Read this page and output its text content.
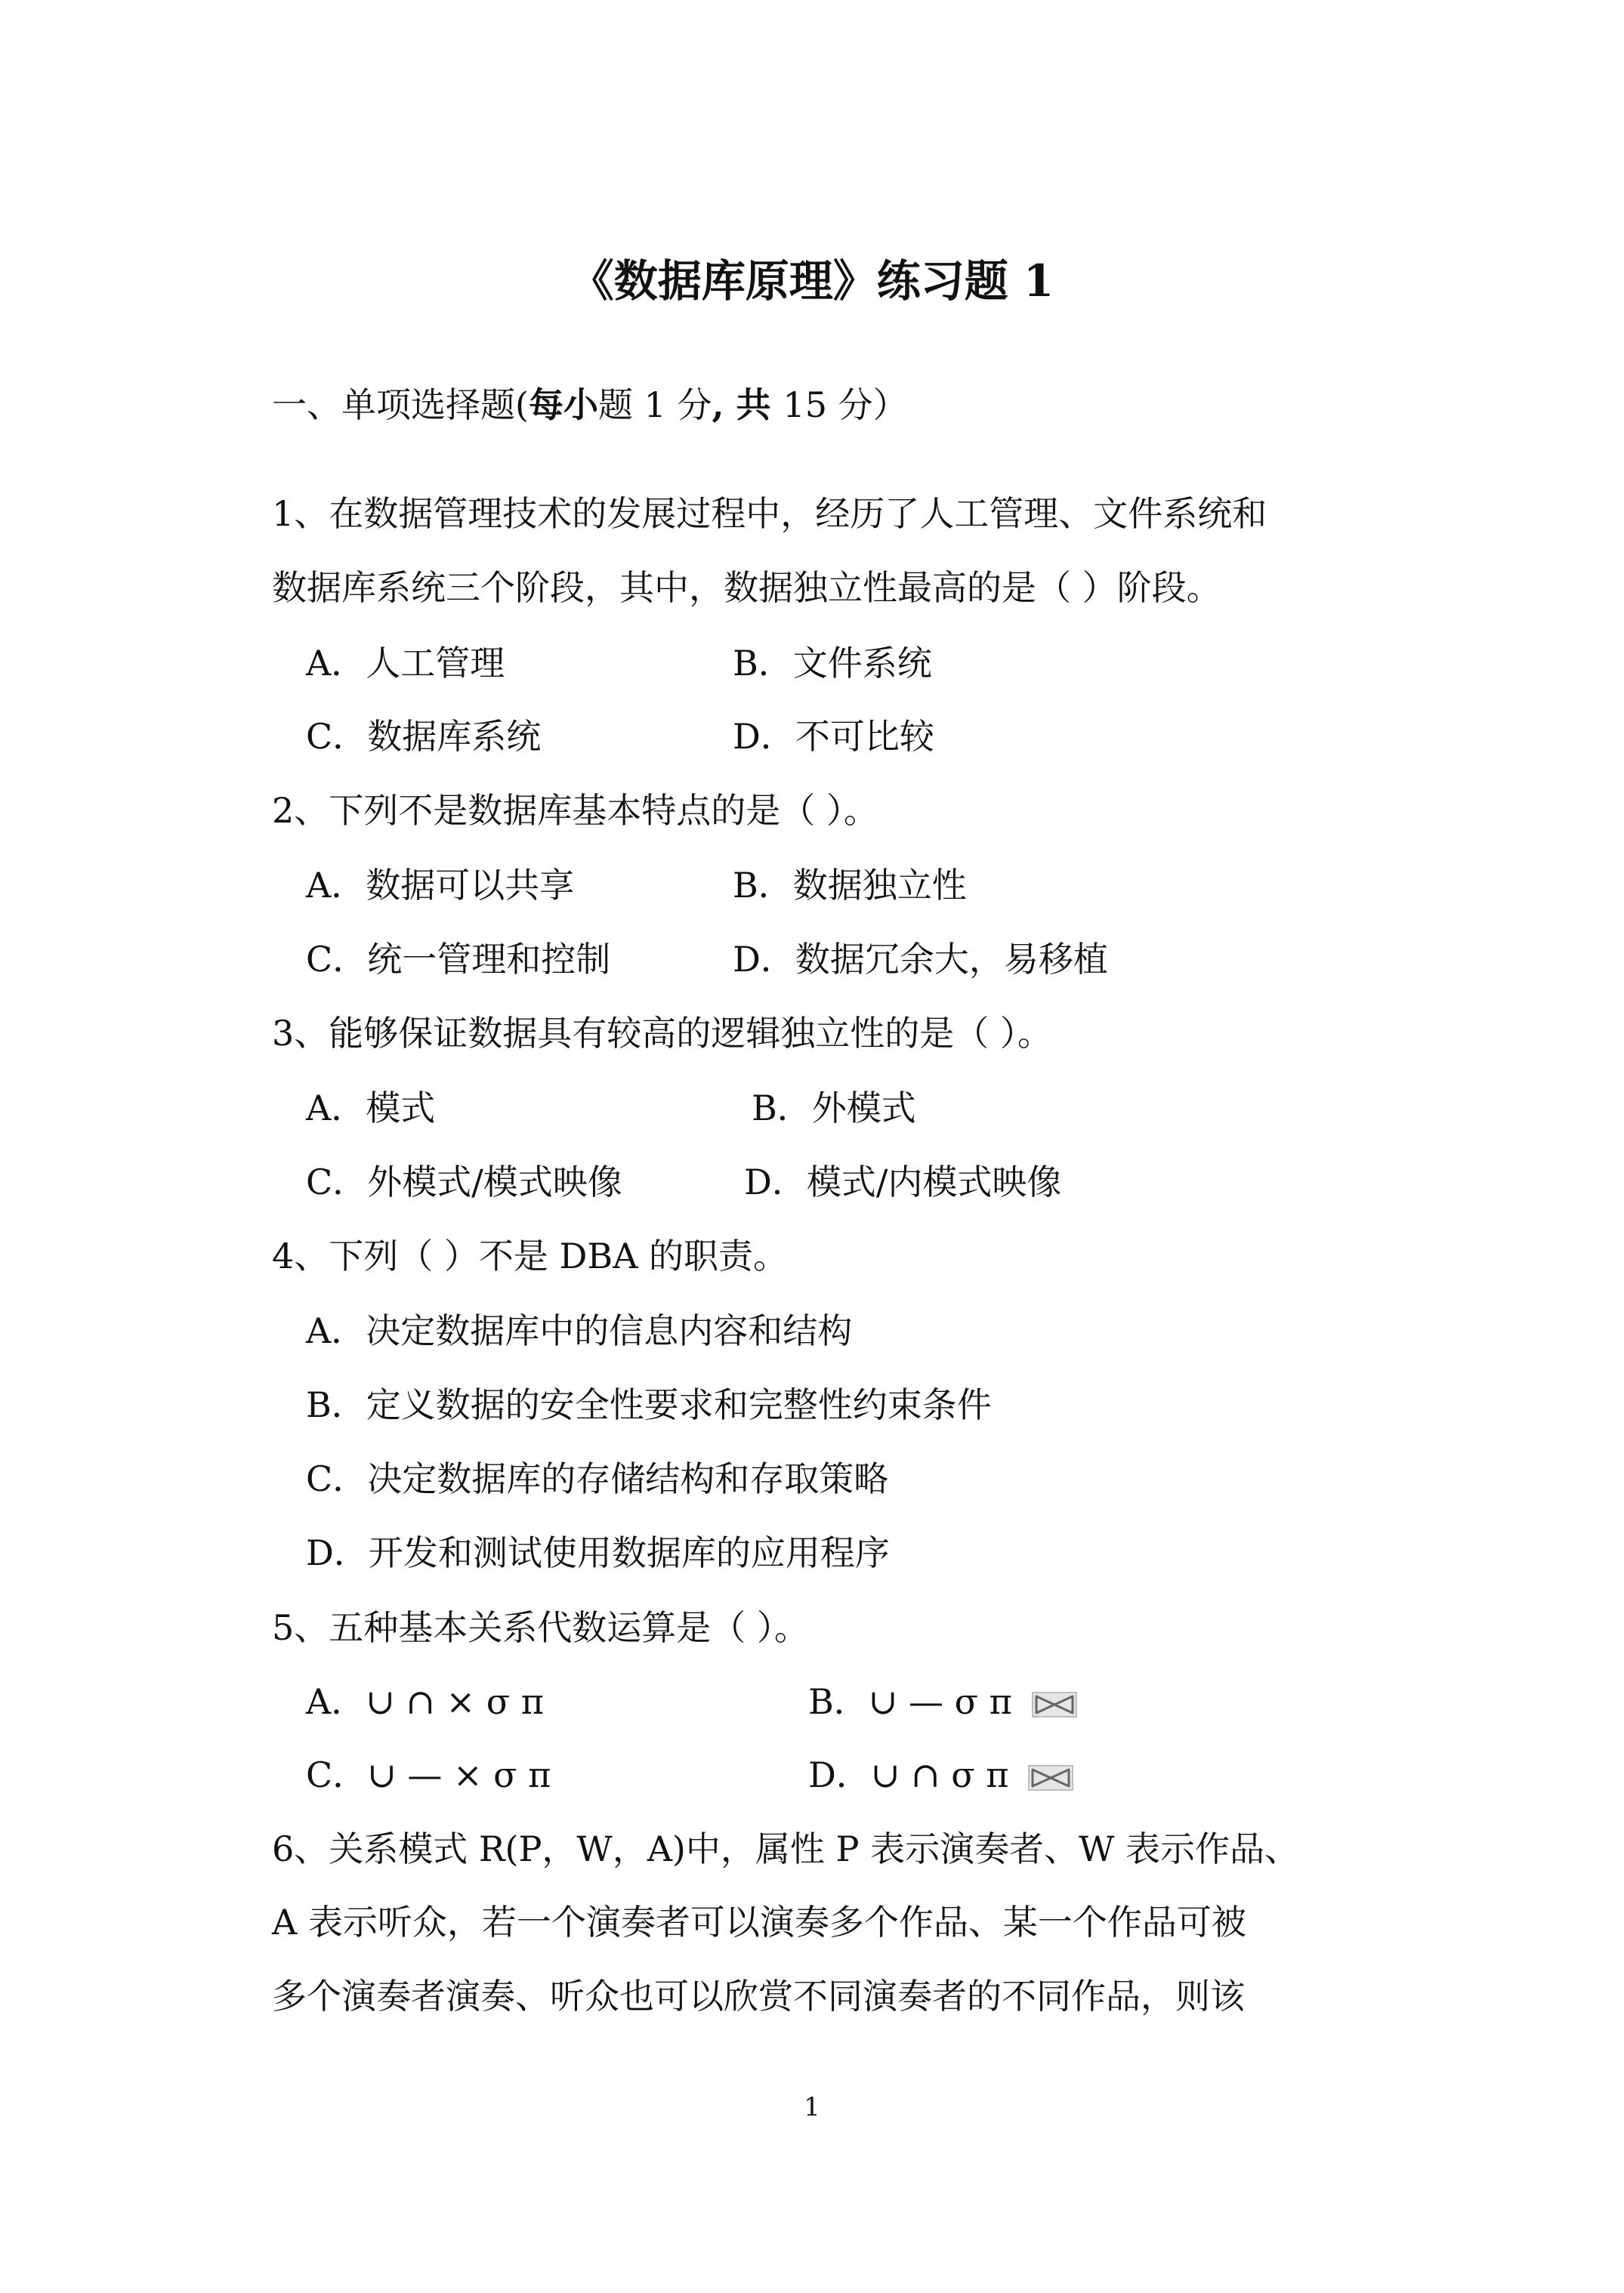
《数据库原理》练习题 1
一、单项选择题(每小题 1 分, 共 15 分）
1、在数据管理技术的发展过程中，经历了人工管理、文件系统和
数据库系统三个阶段，其中，数据独立性最高的是（ ）阶段。
A．人工管理	B．文件系统
C．数据库系统	D．不可比较
2、下列不是数据库基本特点的是（ ）。
A．数据可以共享	B．数据独立性
C．统一管理和控制	D．数据冗余大，易移植
3、能够保证数据具有较高的逻辑独立性的是（ ）。
A．模式	B．外模式
C．外模式/模式映像	D．模式/内模式映像
4、下列（ ）不是 DBA 的职责。
A．决定数据库中的信息内容和结构
B．定义数据的安全性要求和完整性约束条件
C．决定数据库的存储结构和存取策略
D．开发和测试使用数据库的应用程序
5、五种基本关系代数运算是（ ）。
A．∪ ∩ × σ π	B．∪ — σ π
C．∪ — × σ π	D．∪ ∩ σ π
6、关系模式 R(P，W，A)中，属性 P 表示演奏者、W 表示作品、
A 表示听众，若一个演奏者可以演奏多个作品、某一个作品可被
多个演奏者演奏、听众也可以欣赏不同演奏者的不同作品，则该
1
